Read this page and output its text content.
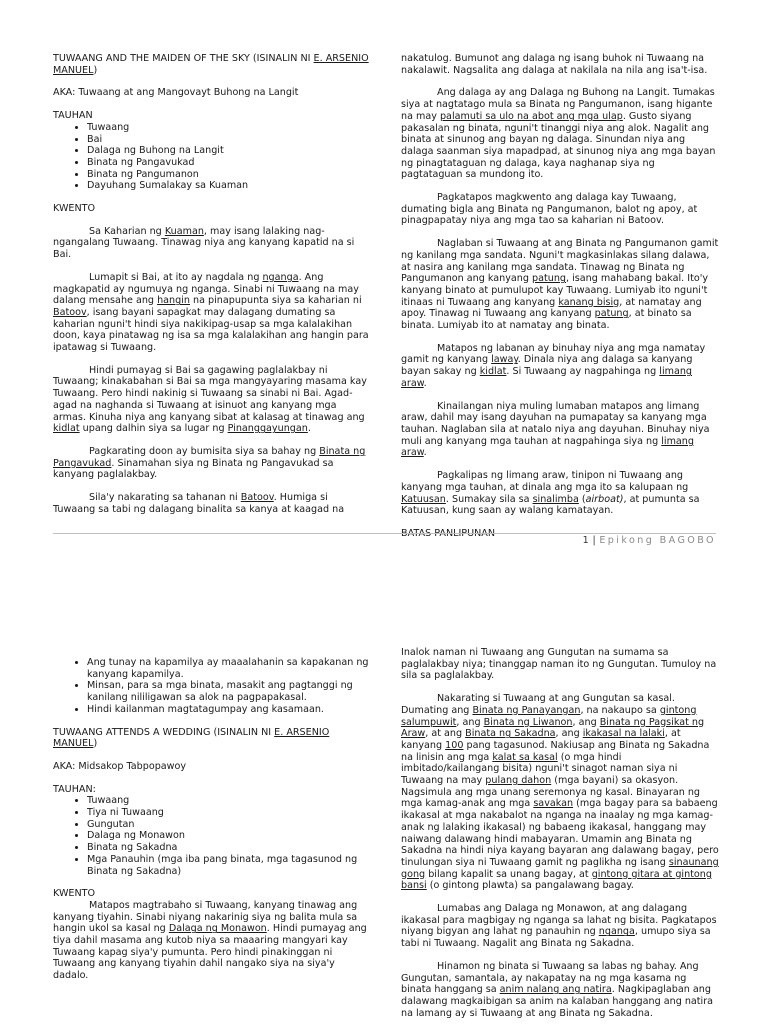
TUWAANG AND THE MAIDEN OF THE SKY (ISINALIN NI E. ARSENIO MANUEL)

AKA: Tuwaang at ang Mangovayt Buhong na Langit

TAUHAN

• Tuwaang
• Bai
• Dalaga ng Buhong na Langit
• Binata ng Pangavukad
• Binata ng Pangumanon
• Dayuhang Sumalakay sa Kuaman

KWENTO

Sa Kaharian ng Kuaman, may isang lalaking nag-ngangalang Tuwaang. Tinawag niya ang kanyang kapatid na si Bai.

Lumapit si Bai, at ito ay nagdala ng nganga. Ang magkapatid ay ngumuya ng nganga. Sinabi ni Tuwaang na may dalang mensahe ang hangin na pinapupunta siya sa kaharian ni Batoov, isang bayani sapagkat may dalagang dumating sa kaharian nguni't hindi siya nakikipag-usap sa mga kalalakihan doon, kaya pinatawag ng isa sa mga kalalakihan ang hangin para ipatawag si Tuwaang.

Hindi pumayag si Bai sa gagawing paglalakbay ni Tuwaang; kinakabahan si Bai sa mga mangyayaring masama kay Tuwaang. Pero hindi nakinig si Tuwaang sa sinabi ni Bai. Agad-agad na naghanda si Tuwaang at isinuot ang kanyang mga armas. Kinuha niya ang kanyang sibat at kalasag at tinawag ang kidlat upang dalhin siya sa lugar ng Pinanggayungan.

Pagkarating doon ay bumisita siya sa bahay ng Binata ng Pangavukad. Sinamahan siya ng Binata ng Pangavukad sa kanyang paglalakbay.

Sila'y nakarating sa tahanan ni Batoov. Humiga si Tuwaang sa tabi ng dalagang binalita sa kanya at kaagad na

nakatulog. Bumunot ang dalaga ng isang buhok ni Tuwaang na nakalawit. Nagsalita ang dalaga at nakilala na nila ang isa't-isa.

Ang dalaga ay ang Dalaga ng Buhong na Langit. Tumakas siya at nagtatago mula sa Binata ng Pangumanon, isang higante na may palamuti sa ulo na abot ang mga ulap. Gusto siyang pakasalan ng binata, nguni't tinanggi niya ang alok. Nagalit ang binata at sinunog ang bayan ng dalaga. Sinundan niya ang dalaga saanman siya mapadpad, at sinunog niya ang mga bayan ng pinagtataguan ng dalaga, kaya naghanap siya ng pagtataguan sa mundong ito.

Pagkatapos magkwento ang dalaga kay Tuwaang, dumating bigla ang Binata ng Pangumanon, balot ng apoy, at pinagpapatay niya ang mga tao sa kaharian ni Batoov.

Naglaban si Tuwaang at ang Binata ng Pangumanon gamit ng kanilang mga sandata. Nguni't magkasinlakas silang dalawa, at nasira ang kanilang mga sandata. Tinawag ng Binata ng Pangumanon ang kanyang patung, isang mahabang bakal. Ito'y kanyang binato at pumulupot kay Tuwaang. Lumiyab ito nguni't itinaas ni Tuwaang ang kanyang kanang bisig, at namatay ang apoy. Tinawag ni Tuwaang ang kanyang patung, at binato sa binata. Lumiyab ito at namatay ang binata.

Matapos ng labanan ay binuhay niya ang mga namatay gamit ng kanyang laway. Dinala niya ang dalaga sa kanyang bayan sakay ng kidlat. Si Tuwaang ay nagpahinga ng limang araw.

Kinailangan niya muling lumaban matapos ang limang araw, dahil may isang dayuhan na pumapatay sa kanyang mga tauhan. Naglaban sila at natalo niya ang dayuhan. Binuhay niya muli ang kanyang mga tauhan at nagpahinga siya ng limang araw.

Pagkalipas ng limang araw, tinipon ni Tuwaang ang kanyang mga tauhan, at dinala ang mga ito sa kalupaan ng Katuusan. Sumakay sila sa sinalimba (airboat), at pumunta sa Katuusan, kung saan ay walang kamatayan.

BATAS PANLIPUNAN

1 | Epikong BAGOBO
• Ang tunay na kapamilya ay maaalahanin sa kapakanan ng kanyang kapamilya.
• Minsan, para sa mga binata, masakit ang pagtanggi ng kanilang nililigawan sa alok na pagpapakasal.
• Hindi kailanman magtatagumpay ang kasamaan.

TUWAANG ATTENDS A WEDDING (ISINALIN NI E. ARSENIO MANUEL)

AKA: Midsakop Tabpopawoy

TAUHAN:

• Tuwaang
• Tiya ni Tuwaang
• Gungutan
• Dalaga ng Monawon
• Binata ng Sakadna
• Mga Panauhin (mga iba pang binata, mga tagasunod ng Binata ng Sakadna)

KWENTO

Matapos magtrabaho si Tuwaang, kanyang tinawag ang kanyang tiyahin. Sinabi niyang nakarinig siya ng balita mula sa hangin ukol sa kasal ng Dalaga ng Monawon. Hindi pumayag ang tiya dahil masama ang kutob niya sa maaaring mangyari kay Tuwaang kapag siya'y pumunta. Pero hindi pinakinggan ni Tuwaang ang kanyang tiyahin dahil nangako siya na siya'y dadalo.

Inalok naman ni Tuwaang ang Gungutan na sumama sa paglalakbay niya; tinanggap naman ito ng Gungutan. Tumuloy na sila sa paglalakbay.

Nakarating si Tuwaang at ang Gungutan sa kasal. Dumating ang Binata ng Panayangan, na nakaupo sa gintong salumpuwit, ang Binata ng Liwanon, ang Binata ng Pagsikat ng Araw, at ang Binata ng Sakadna, ang ikakasal na lalaki, at kanyang 100 pang tagasunod. Nakiusap ang Binata ng Sakadna na linisin ang mga kalat sa kasal (o mga hindi imbitado/kailangang bisita) nguni't sinagot naman siya ni Tuwaang na may pulang dahon (mga bayani) sa okasyon. Nagsimula ang mga unang seremonya ng kasal. Binayaran ng mga kamag-anak ang mga savakan (mga bagay para sa babaeng ikakasal at mga nakabalot na nganga na inaalay ng mga kamag-anak ng lalaking ikakasal) ng babaeng ikakasal, hanggang may naiwang dalawang hindi mabayaran. Umamin ang Binata ng Sakadna na hindi niya kayang bayaran ang dalawang bagay, pero tinulungan siya ni Tuwaang gamit ng paglikha ng isang sinaunang gong bilang kapalit sa unang bagay, at gintong gitara at gintong bansi (o gintong plawta) sa pangalawang bagay.

Lumabas ang Dalaga ng Monawon, at ang dalagang ikakasal para magbigay ng nganga sa lahat ng bisita. Pagkatapos niyang bigyan ang lahat ng panauhin ng nganga, umupo siya sa tabi ni Tuwaang. Nagalit ang Binata ng Sakadna.

Hinamon ng binata si Tuwaang sa labas ng bahay. Ang Gungutan, samantala, ay nakapatay na ng mga kasama ng binata hanggang sa anim nalang ang natira. Nagkipaglaban ang dalawang magkaibigan sa anim na kalaban hanggang ang natira na lamang ay si Tuwaang at ang Binata ng Sakadna.
